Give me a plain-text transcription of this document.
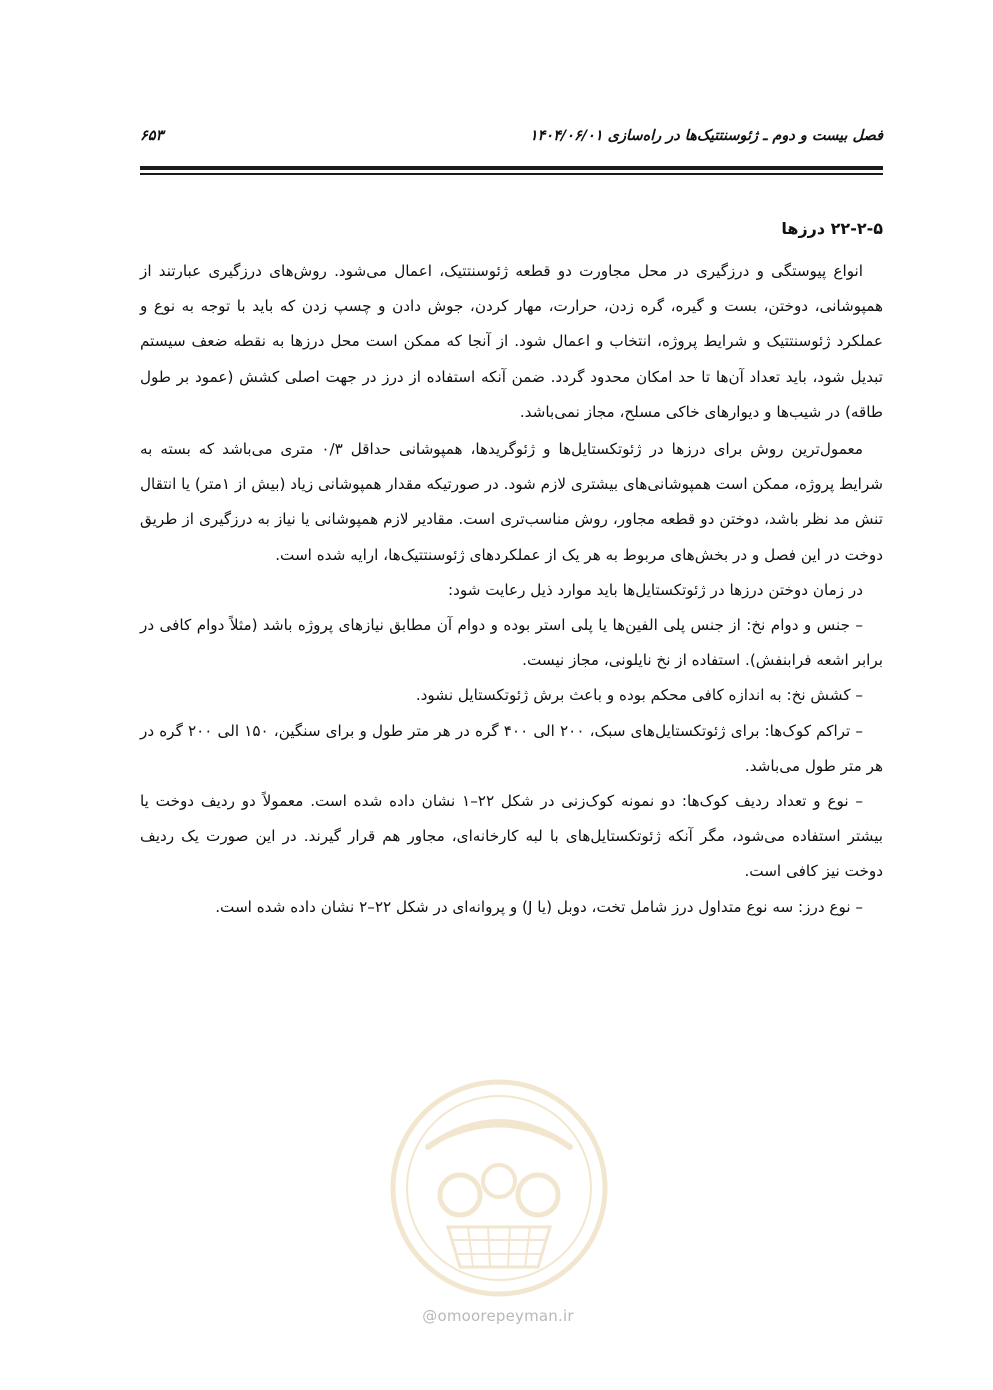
فصل بیست و دوم ـ ژئوسنتتیک‌ها در راه‌سازی ۱۴۰۴/۰۶/۰۱
۶۵۳
۲۲-۲-۵ درزها

انواع پیوستگی و درزگیری در محل مجاورت دو قطعه ژئوسنتتیک، اعمال می‌شود. روش‌های درزگیری عبارتند از همپوشانی، دوختن، بست و گیره، گره زدن، حرارت، مهار کردن، جوش دادن و چسپ زدن که باید با توجه به نوع و عملکرد ژئوسنتتیک و شرایط پروژه، انتخاب و اعمال شود. از آنجا که ممکن است محل درزها به نقطه ضعف سیستم تبدیل شود، باید تعداد آن‌ها تا حد امکان محدود گردد. ضمن آنکه استفاده از درز در جهت اصلی کشش (عمود بر طول طاقه) در شیب‌ها و دیوارهای خاکی مسلح، مجاز نمی‌باشد.

معمول‌ترین روش برای درزها در ژئوتکستایل‌ها و ژئوگریدها، همپوشانی حداقل ۰/۳ متری می‌باشد که بسته به شرایط پروژه، ممکن است همپوشانی‌های بیشتری لازم شود. در صورتیکه مقدار همپوشانی زیاد (بیش از ۱متر) یا انتقال تنش مد نظر باشد، دوختن دو قطعه مجاور، روش مناسب‌تری است. مقادیر لازم همپوشانی یا نیاز به درزگیری از طریق دوخت در این فصل و در بخش‌های مربوط به هر یک از عملکردهای ژئوسنتتیک‌ها، ارایه شده است.

در زمان دوختن درزها در ژئوتکستایل‌ها باید موارد ذیل رعایت شود:

– جنس و دوام نخ: از جنس پلی الفین‌ها یا پلی استر بوده و دوام آن مطابق نیازهای پروژه باشد (مثلاً دوام کافی در برابر اشعه فرابنفش). استفاده از نخ نایلونی، مجاز نیست.

– کشش نخ: به اندازه کافی محکم بوده و باعث برش ژئوتکستایل نشود.

– تراکم کوک‌ها: برای ژئوتکستایل‌های سبک، ۲۰۰ الی ۴۰۰ گره در هر متر طول و برای سنگین، ۱۵۰ الی ۲۰۰ گره در هر متر طول می‌باشد.

– نوع و تعداد ردیف کوک‌ها: دو نمونه کوک‌زنی در شکل ۲۲–۱ نشان داده شده است. معمولاً دو ردیف دوخت یا بیشتر استفاده می‌شود، مگر آنکه ژئوتکستایل‌های با لبه کارخانه‌ای، مجاور هم قرار گیرند. در این صورت یک ردیف دوخت نیز کافی است.

– نوع درز: سه نوع متداول درز شامل تخت، دوبل (یا J) و پروانه‌ای در شکل ۲۲–۲ نشان داده شده است.

@omoorepeyman.ir
